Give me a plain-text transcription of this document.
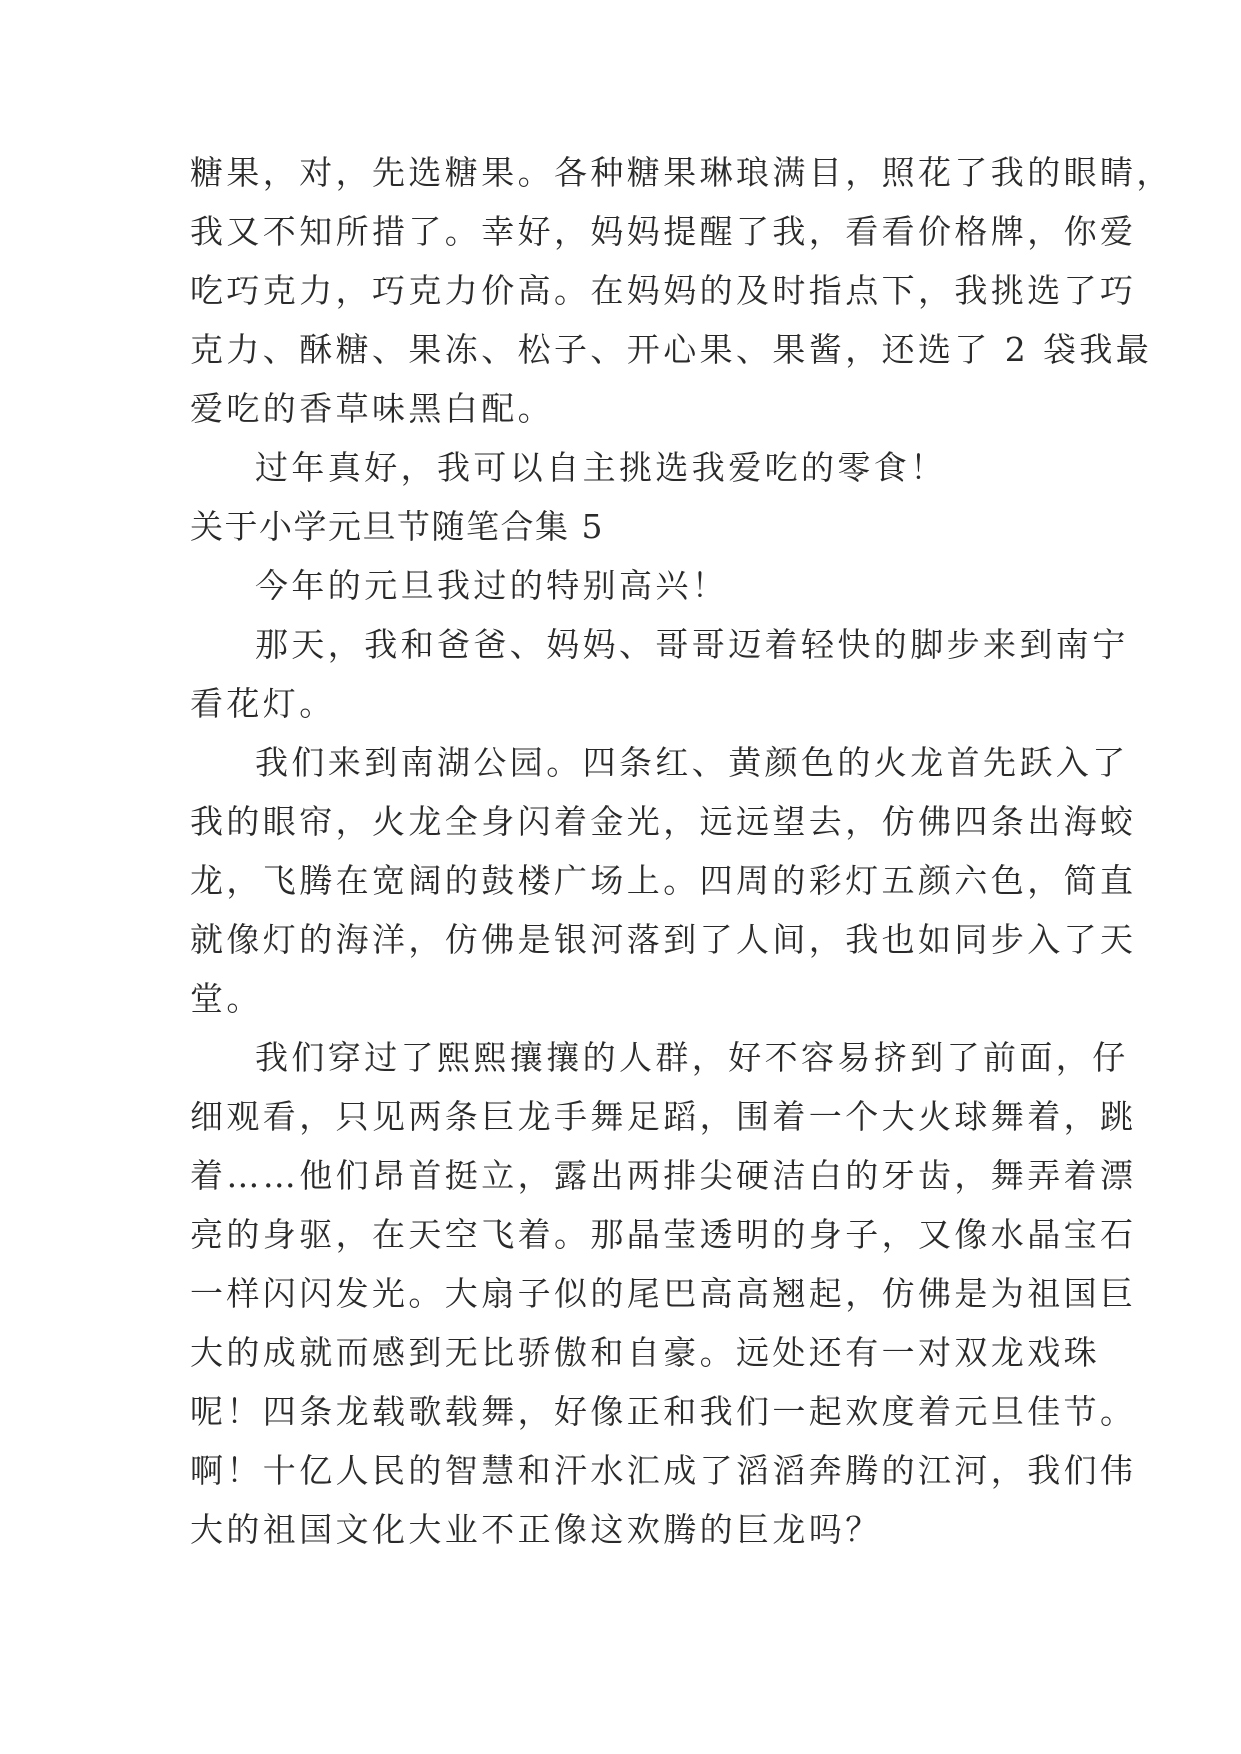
糖果，对，先选糖果。各种糖果琳琅满目，照花了我的眼睛，
我又不知所措了。幸好，妈妈提醒了我，看看价格牌，你爱
吃巧克力，巧克力价高。在妈妈的及时指点下，我挑选了巧
克力、酥糖、果冻、松子、开心果、果酱，还选了 2 袋我最
爱吃的香草味黑白配。
过年真好，我可以自主挑选我爱吃的零食！
关于小学元旦节随笔合集 5
今年的元旦我过的特别高兴！
那天，我和爸爸、妈妈、哥哥迈着轻快的脚步来到南宁
看花灯。
我们来到南湖公园。四条红、黄颜色的火龙首先跃入了
我的眼帘，火龙全身闪着金光，远远望去，仿佛四条出海蛟
龙，飞腾在宽阔的鼓楼广场上。四周的彩灯五颜六色，简直
就像灯的海洋，仿佛是银河落到了人间，我也如同步入了天
堂。
我们穿过了熙熙攘攘的人群，好不容易挤到了前面，仔
细观看，只见两条巨龙手舞足蹈，围着一个大火球舞着，跳
着……他们昂首挺立，露出两排尖硬洁白的牙齿，舞弄着漂
亮的身驱，在天空飞着。那晶莹透明的身子，又像水晶宝石
一样闪闪发光。大扇子似的尾巴高高翘起，仿佛是为祖国巨
大的成就而感到无比骄傲和自豪。远处还有一对双龙戏珠
呢！四条龙载歌载舞，好像正和我们一起欢度着元旦佳节。
啊！十亿人民的智慧和汗水汇成了滔滔奔腾的江河，我们伟
大的祖国文化大业不正像这欢腾的巨龙吗？
